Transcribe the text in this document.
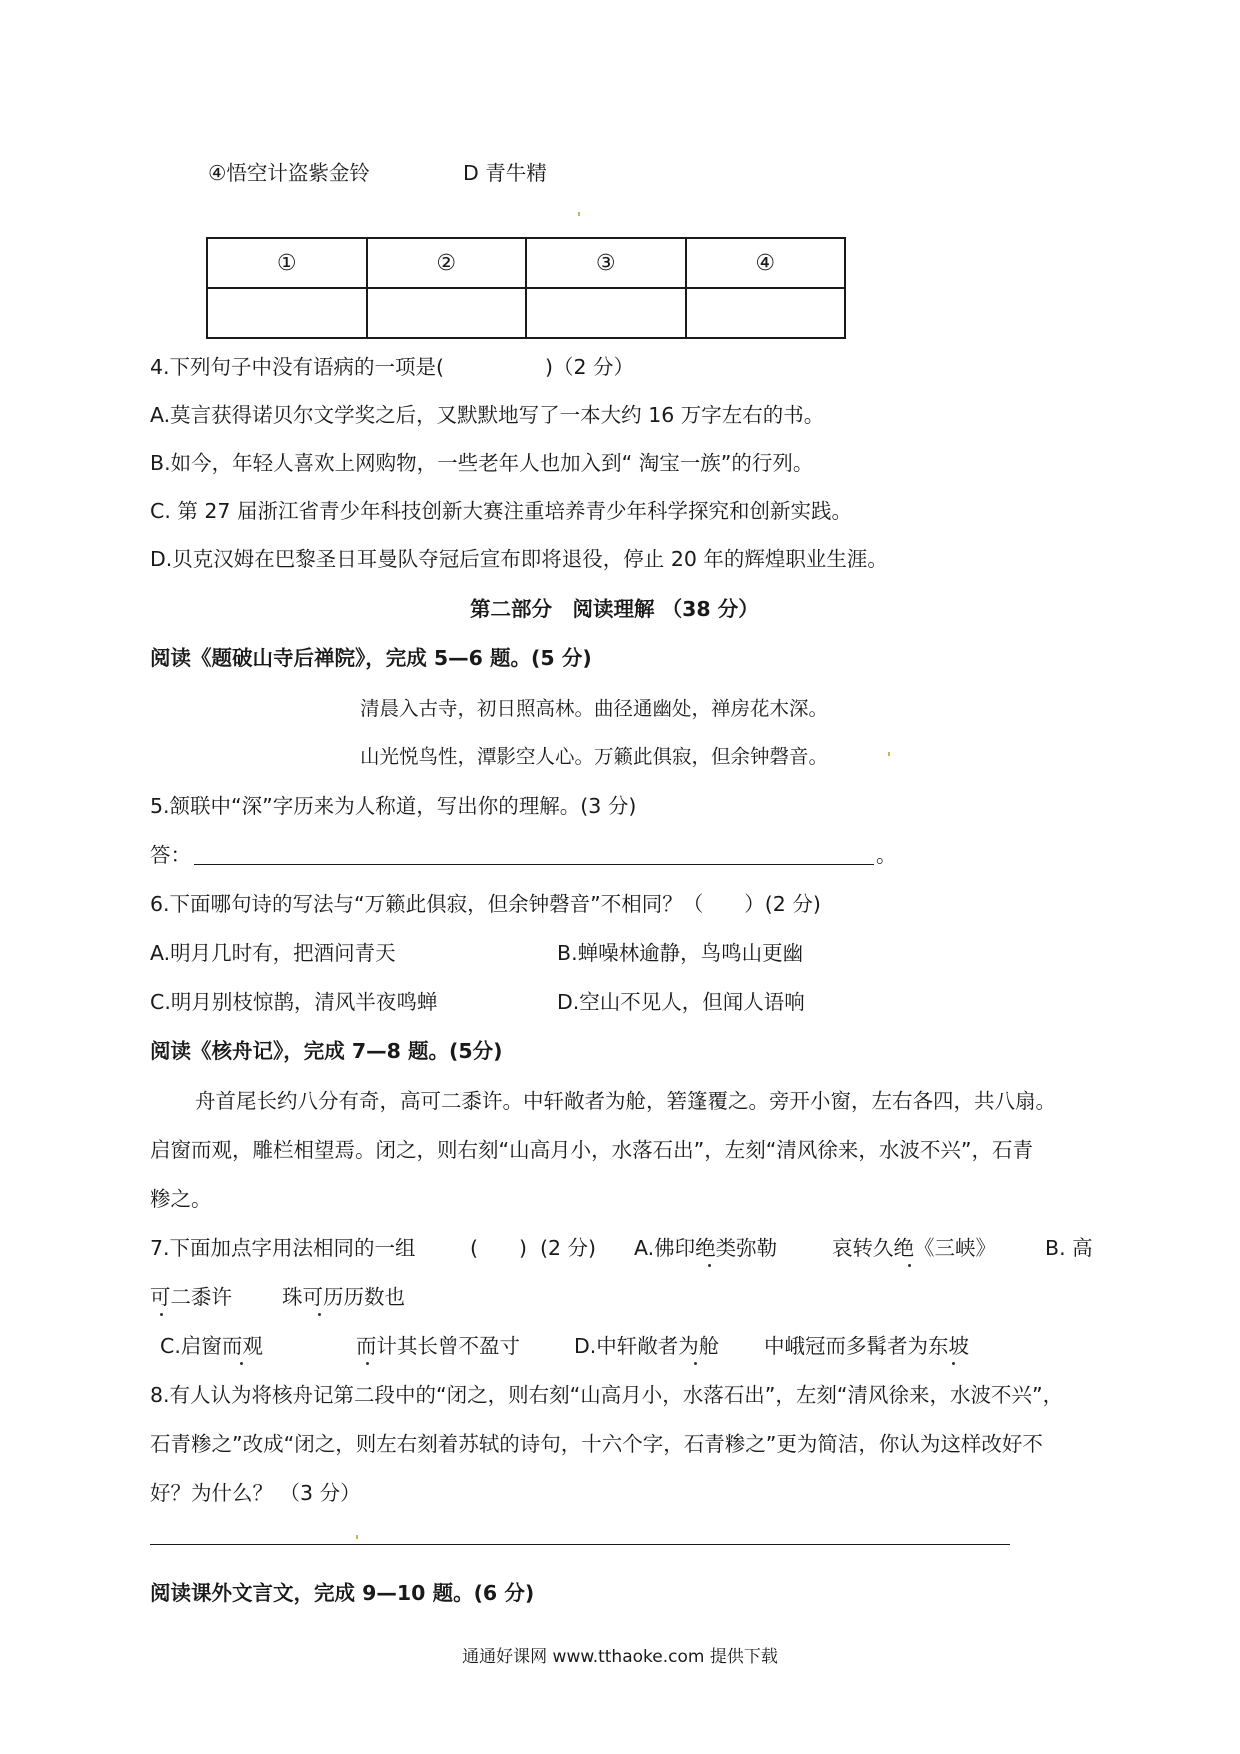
④悟空计盗紫金铃	D 青牛精
①	②	③	④

4.下列句子中没有语病的一项是(	)（2 分）
A.莫言获得诺贝尔文学奖之后，又默默地写了一本大约 16 万字左右的书。
B.如今，年轻人喜欢上网购物，一些老年人也加入到“ 淘宝一族”的行列。
C. 第 27 届浙江省青少年科技创新大赛注重培养青少年科学探究和创新实践。
D.贝克汉姆在巴黎圣日耳曼队夺冠后宣布即将退役，停止 20 年的辉煌职业生涯。
第二部分　阅读理解 （38 分）
阅读《题破山寺后禅院》，完成 5—6 题。(5 分)
清晨入古寺，初日照高林。曲径通幽处，禅房花木深。
山光悦鸟性，潭影空人心。万籁此俱寂，但余钟磬音。
5.颔联中“深”字历来为人称道，写出你的理解。(3 分)
答：	。
6.下面哪句诗的写法与“万籁此俱寂，但余钟磬音”不相同？（　　）(2 分)
A.明月几时有，把酒问青天	B.蝉噪林逾静，鸟鸣山更幽
C.明月别枝惊鹊，清风半夜鸣蝉	D.空山不见人，但闻人语响
阅读《核舟记》，完成 7—8 题。(5分)
舟首尾长约八分有奇，高可二黍许。中轩敞者为舱，箬篷覆之。旁开小窗，左右各四，共八扇。
启窗而观，雕栏相望焉。闭之，则右刻“山高月小，水落石出”，左刻“清风徐来，水波不兴”，石青
糁之。
7.下面加点字用法相同的一组	(　　) (2 分) A.佛印绝类弥勒	哀转久绝《三峡》 B. 高
可二黍许 珠可历历数也
C.启窗而观	而计其长曾不盈寸	D.中轩敞者为舱 中峨冠而多髯者为东坡
8.有人认为将核舟记第二段中的“闭之，则右刻“山高月小，水落石出”，左刻“清风徐来，水波不兴”，
石青糁之”改成“闭之，则左右刻着苏轼的诗句，十六个字，石青糁之”更为简洁，你认为这样改好不
好？为什么？ （3 分）
阅读课外文言文，完成 9—10 题。(6 分)
通通好课网 www.tthaoke.com 提供下载
